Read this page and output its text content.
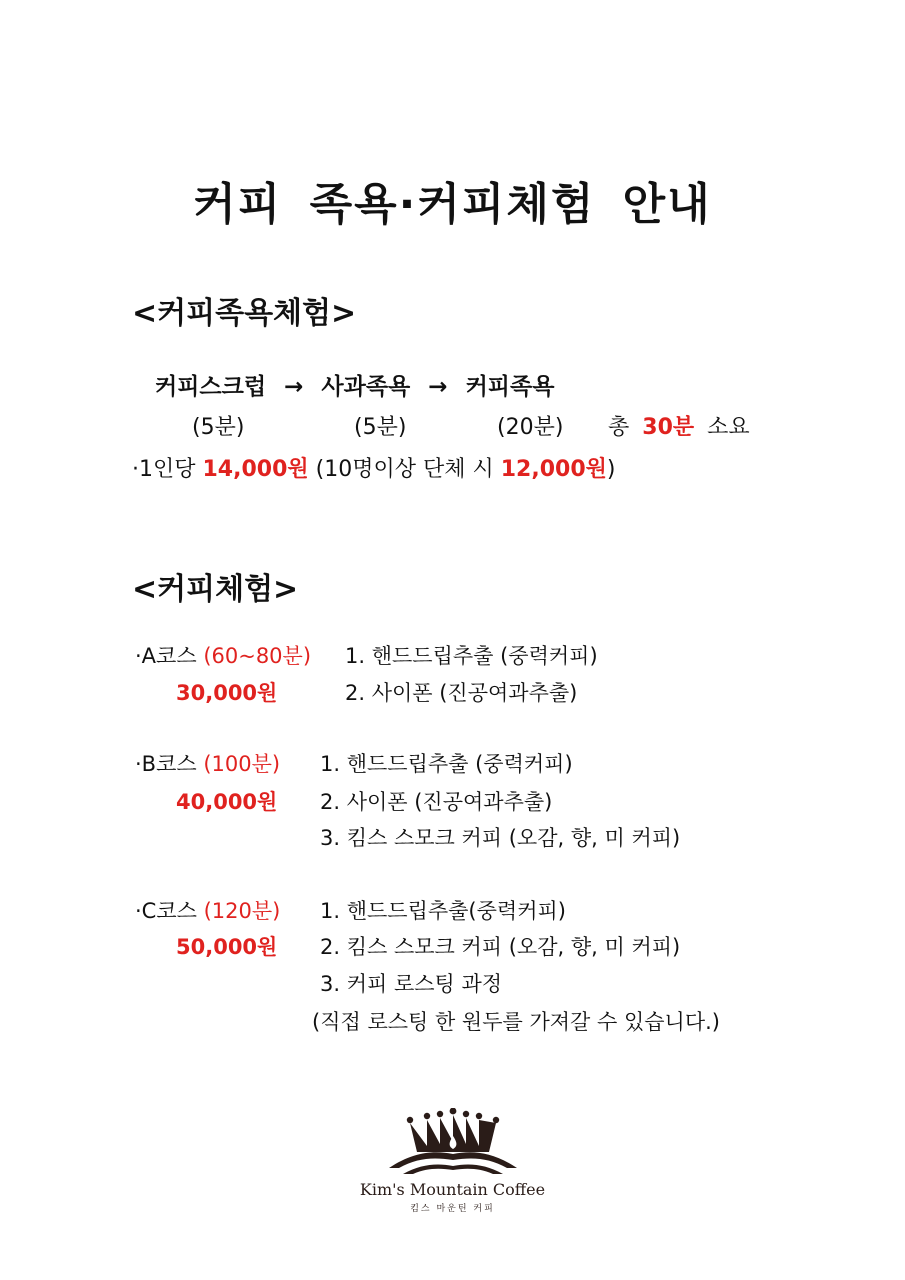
커피 족욕·커피체험 안내
<커피족욕체험>
커피스크럽 → 사과족욕 → 커피족욕
(5분)	(5분)	(20분) 총 30분 소요
·1인당 14,000원 (10명이상 단체 시 12,000원)
<커피체험>
·A코스 (60~80분)
30,000원
1. 핸드드립추출 (중력커피)
2. 사이폰 (진공여과추출)
·B코스 (100분)
40,000원
1. 핸드드립추출 (중력커피)
2. 사이폰 (진공여과추출)
3. 킴스 스모크 커피 (오감, 향, 미 커피)
·C코스 (120분)
50,000원
1. 핸드드립추출(중력커피)
2. 킴스 스모크 커피 (오감, 향, 미 커피)
3. 커피 로스팅 과정
(직접 로스팅 한 원두를 가져갈 수 있습니다.)
Kim's Mountain Coffee
킴스 마운틴 커피
